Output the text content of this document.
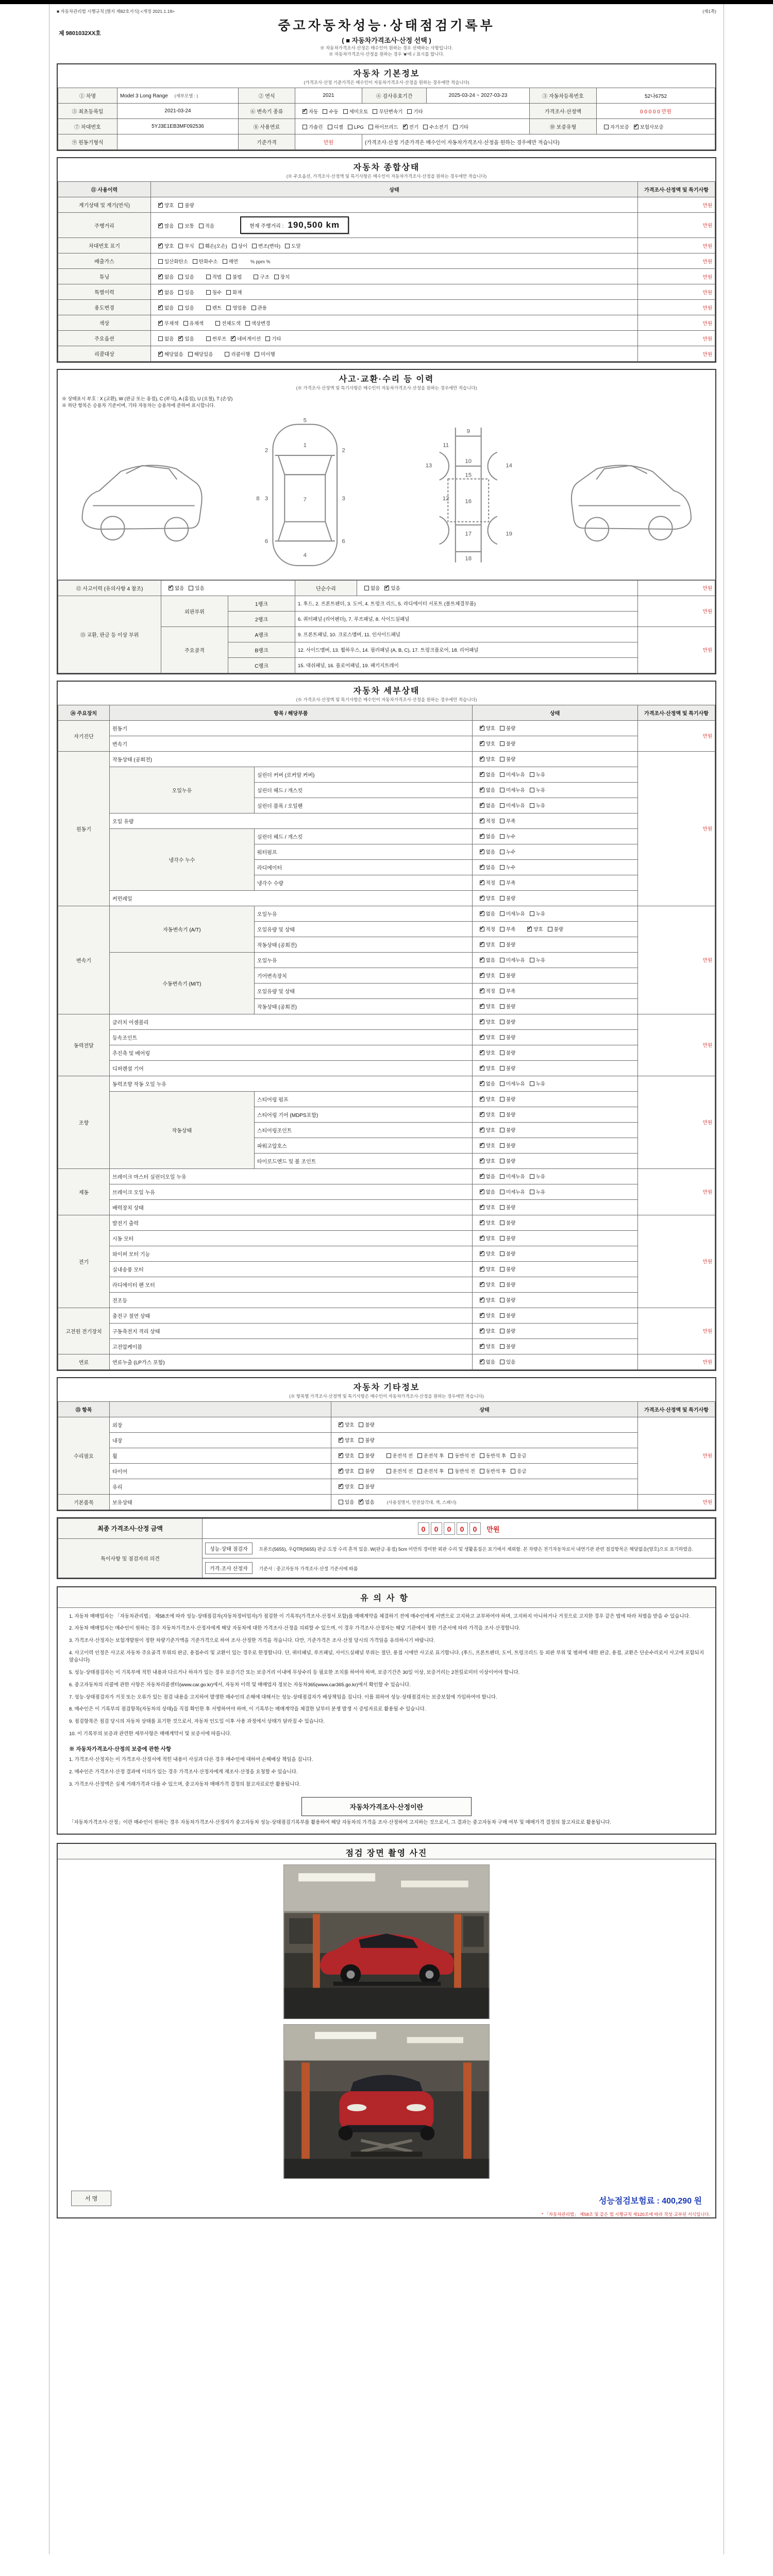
■ 자동차관리법 시행규칙 [별지 제82호서식] <개정 2021.1.19>	(제1쪽)
제 9801032XX호
중고자동차성능·상태점검기록부
( ■ 자동차가격조사·산정 선택 )
※ 자동차가격조사·산정은 매수인이 원하는 경우 선택하는 사항입니다.
※ 자동차가격조사·산정을 원하는 경우 '■'에 √ 표시를 합니다.
자동차 기본정보
(가격조사·산정 기준가격은 매수인이 자동차가격조사·산정을 원하는 경우에만 적습니다)
① 차명	Model 3 Long Range (세부모델 : )	② 연식	2021	④ 검사유효기간	2025-03-24 ~ 2027-03-23	③ 자동차등록번호	52나6752
⑤ 최초등록일	2021-03-24	⑥ 변속기 종류	✓자동 수동 세미오토 무단변속기 기타			가격조사·산정액	0 0 0 0 0 만원
⑦ 차대번호	5YJ3E1EB3MF092536	⑧ 사용연료	가솔린 디젤 LPG 하이브리드 ✓ 전기 수소전기 기타			⑩ 보증유형	자가보증 ✓ 보험사보증
⑨ 원동기형식		기준가격	만원	(가격조사·산정 기준가격은 매수인이 자동차가격조사·산정을 원하는 경우에만 적습니다)			
자동차 종합상태
(※ 주요옵션, 가격조사·산정액 및 특기사항은 매수인이 자동차가격조사·산정을 원하는 경우에만 적습니다)
⑪ 사용이력	상태	가격조사·산정액 및 특기사항
계기상태 및 계기(연식)	✓양호 불량	만원
주행거리	✓많음 보통 적음 현재 주행거리 : 190,500 km	만원
차대번호 표기	✓양호 부식 훼손(오손) 상이 변조(변타) 도말	만원
배출가스	일산화탄소 탄화수소 매연 % ppm %	만원
튜닝	✓없음 있음 적법 불법 구조 장치	만원
특별이력	✓없음 있음 침수 화재	만원
용도변경	✓없음 있음 렌트 영업용 관용	만원
색상	✓무채색 유채색 전체도색 색상변경	만원
주요옵션	없음 ✓ 있음 썬루프 ✓ 네비게이션 기타	만원
리콜대상	✓해당없음 해당있음 리콜이행 미이행	만원
사고·교환·수리 등 이력
(※ 가격조사·산정액 및 특기사항은 매수인이 자동차가격조사·산정을 원하는 경우에만 적습니다)
※ 상태표시 부호 : X (교환), W (판금 또는 용접), C (부식), A (흠집), U (요철), T (손상)
※ 하단 항목은 승용차 기준이며, 기타 자동차는 승용차에 준하여 표시합니다.
5
1
2	2
3	3
7
6	6
4
8
9
10
11
12
13	14
15
16
17
18
19
⑫ 사고이력 (유의사항 4 참조)	✓없음 있음		단순수리	없음 ✓ 있음	만원
⑬ 교환, 판금 등 이상 부위	외판부위	1랭크	1. 후드, 2. 프론트펜더, 3. 도어, 4. 트렁크 리드, 5. 라디에이터 서포트 (볼트체결부품)		만원
		2랭크	6. 쿼터패널 (리어펜더), 7. 루프패널, 8. 사이드실패널		
	주요골격	A랭크	9. 프론트패널, 10. 크로스멤버, 11. 인사이드패널		만원
		B랭크	12. 사이드멤버, 13. 휠하우스, 14. 필러패널 (A, B, C), 17. 트렁크플로어, 18. 리어패널		
		C랭크	15. 대쉬패널, 16. 플로어패널, 19. 패키지트레이		
자동차 세부상태
(※ 가격조사·산정액 및 특기사항은 매수인이 자동차가격조사·산정을 원하는 경우에만 적습니다)
⑭ 주요장치	항목 / 해당부품		상태	가격조사·산정액 및 특기사항
자기진단	원동기	✓양호 불량	만원
	변속기	✓양호 불량
원동기	작동상태 (공회전)	✓양호 불량	만원
	오일누유	실린더 커버 (로커암 커버)	✓없음 미세누유 누유
		실린더 헤드 / 개스킷	✓없음 미세누유 누유
		실린더 블록 / 오일팬	✓없음 미세누유 누유
	오일 유량	✓적정 부족
	냉각수 누수	실린더 헤드 / 개스킷	✓없음 누수
		워터펌프	✓없음 누수
		라디에이터	✓없음 누수
		냉각수 수량	✓적정 부족
	커먼레일	✓양호 불량
변속기	자동변속기 (A/T)	오일누유	✓없음 미세누유 누유	만원
		오일유량 및 상태	✓적정 부족 ✓ 양호 불량
		작동상태 (공회전)	✓양호 불량
	수동변속기 (M/T)	오일누유	✓없음 미세누유 누유
		기어변속장치	✓양호 불량
		오일유량 및 상태	✓적정 부족
		작동상태 (공회전)	✓양호 불량
동력전달	클러치 어셈블리	✓양호 불량	만원
	등속조인트	✓양호 불량
	추진축 및 베어링	✓양호 불량
	디퍼렌셜 기어	✓양호 불량
조향	동력조향 작동 오일 누유	✓없음 미세누유 누유	만원
	작동상태	스티어링 펌프	✓양호 불량
		스티어링 기어 (MDPS포함)	✓양호 불량
		스티어링조인트	✓양호 불량
		파워고압호스	✓양호 불량
		타이로드엔드 및 볼 조인트	✓양호 불량
제동	브레이크 마스터 실린더오일 누유	✓없음 미세누유 누유	만원
	브레이크 오일 누유	✓없음 미세누유 누유
	배력장치 상태	✓양호 불량
전기	발전기 출력	✓양호 불량	만원
	시동 모터	✓양호 불량
	와이퍼 모터 기능	✓양호 불량
	실내송풍 모터	✓양호 불량
	라디에이터 팬 모터	✓양호 불량
	전조등	✓양호 불량
고전원 전기장치	충전구 절연 상태	✓양호 불량	만원
	구동축전지 격리 상태	✓양호 불량
	고전압케이블	✓양호 불량
연료	연료누출 (LP가스 포함)	✓없음 있음	만원
자동차 기타정보
(※ 항목별 가격조사·산정액 및 특기사항은 매수인이 자동차가격조사·산정을 원하는 경우에만 적습니다)
⑮ 항목		상태	가격조사·산정액 및 특기사항
수리필요	외장	✓양호 불량	만원
	내장	✓양호 불량
	휠	✓양호 불량 운전석 전 운전석 후 동반석 전 동반석 후 응급
	타이어	✓양호 불량 운전석 전 운전석 후 동반석 전 동반석 후 응급
	유리	✓양호 불량
기본품목	보유상태	있음 ✓ 없음 (사용설명서, 안전삼각대, 잭, 스패너)	만원
최종 가격조사·산정 금액	0 0 0 0 0 만원
특이사항 및 점검자의 의견	성능·상태 점검자 프론트(5655), 우QTR(5655) 판금·도장 수리 흔적 있음. W(판금·용접) 5cm 미만의 경미한 외판 수리 및 생활흠집은 표기에서 제외함. 본 차량은 전기자동차로서 내연기관 관련 점검항목은 해당없음(양호)으로 표기하였음.
	가격·조사 산정자 기준서 : 중고자동차 가격조사·산정 기준서에 따름
유의사항

1. 자동차 매매업자는 「자동차관리법」 제58조에 따라 성능·상태점검자(자동차정비업자)가 점검한 이 기록부(가격조사·산정서 포함)를 매매계약을 체결하기 전에 매수인에게 서면으로 고지하고 교부하여야 하며, 고지하지 아니하거나 거짓으로 고지한 경우 같은 법에 따라 처벌을 받을 수 있습니다.

2. 자동차 매매업자는 매수인이 원하는 경우 자동차가격조사·산정자에게 해당 자동차에 대한 가격조사·산정을 의뢰할 수 있으며, 이 경우 가격조사·산정자는 해당 기관에서 정한 기준서에 따라 가격을 조사·산정합니다.

3. 가격조사·산정자는 보험개발원이 정한 차량기준가액을 기준가격으로 하여 조사·산정한 가격을 적습니다. 다만, 기준가격은 조사·산정 당시의 가격임을 유의하시기 바랍니다.

4. 사고이력 인정은 사고로 자동차 주요골격 부위의 판금, 용접수리 및 교환이 있는 경우로 한정합니다. 단, 쿼터패널, 루프패널, 사이드실패널 부위는 절단, 용접 시에만 사고로 표기합니다. (후드, 프론트펜더, 도어, 트렁크리드 등 외판 부위 및 범퍼에 대한 판금, 용접, 교환은 단순수리로서 사고에 포함되지 않습니다)

5. 성능·상태점검자는 이 기록부에 적힌 내용과 다르거나 하자가 있는 경우 보증기간 또는 보증거리 이내에 무상수리 등 필요한 조치를 하여야 하며, 보증기간은 30일 이상, 보증거리는 2천킬로미터 이상이어야 합니다.

6. 중고자동차의 리콜에 관한 사항은 자동차리콜센터(www.car.go.kr)에서, 자동차 이력 및 매매업자 정보는 자동차365(www.car365.go.kr)에서 확인할 수 있습니다.

7. 성능·상태점검자가 거짓 또는 오류가 있는 점검 내용을 고지하여 발생한 매수인의 손해에 대해서는 성능·상태점검자가 배상책임을 집니다. 이를 위하여 성능·상태점검자는 보증보험에 가입하여야 합니다.

8. 매수인은 이 기록부의 점검항목(자동차의 상태)을 직접 확인한 후 서명하여야 하며, 이 기록부는 매매계약을 체결한 날부터 분쟁 발생 시 증빙자료로 활용될 수 있습니다.

9. 점검항목은 점검 당시의 자동차 상태를 표기한 것으로서, 자동차 인도일 이후 사용 과정에서 상태가 달라질 수 있습니다.

10. 이 기록부의 보증과 관련한 세부사항은 매매계약서 및 보증서에 따릅니다.

※ 자동차가격조사·산정의 보증에 관한 사항

1. 가격조사·산정자는 이 가격조사·산정서에 적힌 내용이 사실과 다른 경우 매수인에 대하여 손해배상 책임을 집니다.

2. 매수인은 가격조사·산정 결과에 이의가 있는 경우 가격조사·산정자에게 재조사·산정을 요청할 수 있습니다.

3. 가격조사·산정액은 실제 거래가격과 다를 수 있으며, 중고자동차 매매가격 결정의 참고자료로만 활용됩니다.

자동차가격조사·산정이란

「자동차가격조사·산정」이란 매수인이 원하는 경우 자동차가격조사·산정자가 중고자동차 성능·상태점검기록부를 활용하여 해당 자동차의 가격을 조사·산정하여 고지하는 것으로서, 그 결과는 중고자동차 구매 여부 및 매매가격 결정의 참고자료로 활용됩니다.

점검 장면 촬영 사진
서 명	성능점검보험료 : 400,290 원
* 「자동차관리법」 제58조 및 같은 법 시행규칙 제120조에 따라 작성·교부된 서식입니다.
